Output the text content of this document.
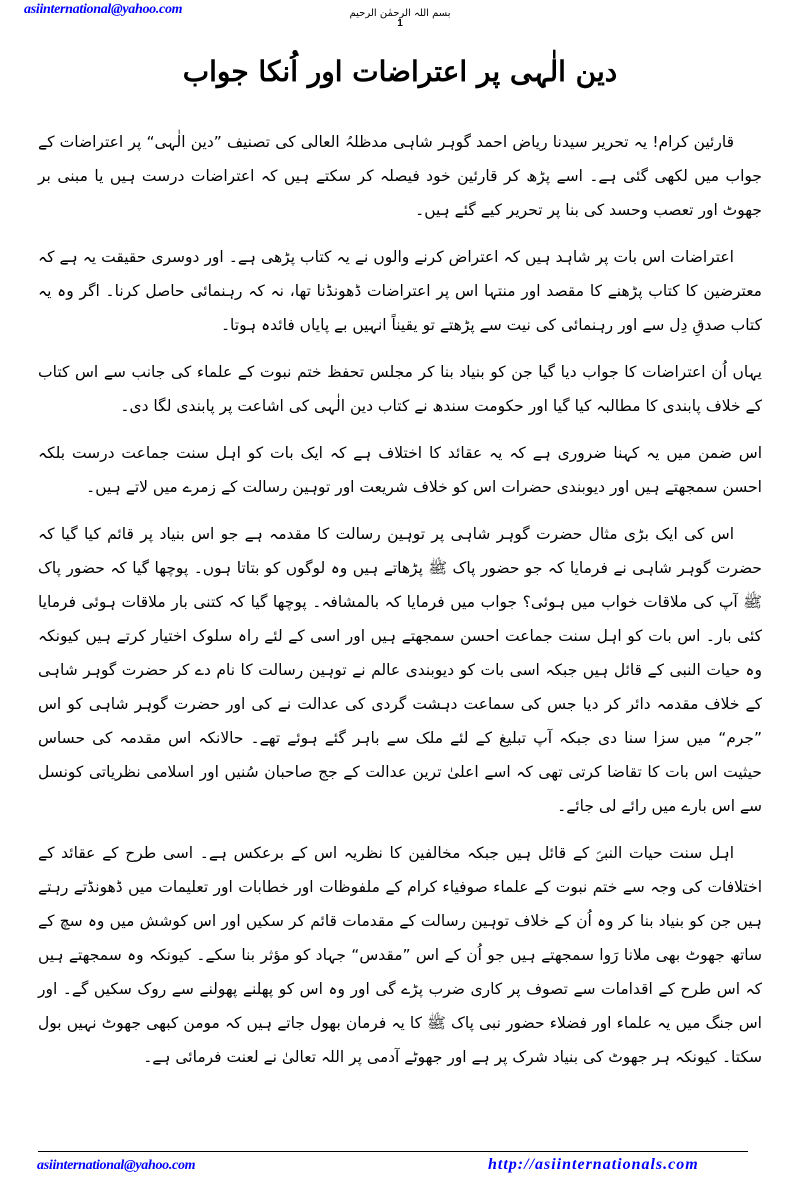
asiinternational@yahoo.com	بسم اللہ الرحمٰن الرحیم
1
دین الٰہی پر اعتراضات اور اُنکا جواب

قارئین کرام! یہ تحریر سیدنا ریاض احمد گوہر شاہی مدظلہُ العالی کی تصنیف ”دین الٰہی“ پر اعتراضات کے جواب میں لکھی گئی ہے۔ اسے پڑھ کر قارئین خود فیصلہ کر سکتے ہیں کہ اعتراضات درست ہیں یا مبنی بر جھوٹ اور تعصب وحسد کی بنا پر تحریر کیے گئے ہیں۔

اعتراضات اس بات پر شاہد ہیں کہ اعتراض کرنے والوں نے یہ کتاب پڑھی ہے۔ اور دوسری حقیقت یہ ہے کہ معترضین کا کتاب پڑھنے کا مقصد اور منتہا اس پر اعتراضات ڈھونڈنا تھا، نہ کہ رہنمائی حاصل کرنا۔ اگر وہ یہ کتاب صدقِ دِل سے اور رہنمائی کی نیت سے پڑھتے تو یقیناً انہیں بے پایاں فائدہ ہوتا۔

یہاں اُن اعتراضات کا جواب دیا گیا جن کو بنیاد بنا کر مجلس تحفظ ختم نبوت کے علماء کی جانب سے اس کتاب کے خلاف پابندی کا مطالبہ کیا گیا اور حکومت سندھ نے کتاب دین الٰہی کی اشاعت پر پابندی لگا دی۔

اس ضمن میں یہ کہنا ضروری ہے کہ یہ عقائد کا اختلاف ہے کہ ایک بات کو اہل سنت جماعت درست بلکہ احسن سمجھتے ہیں اور دیوبندی حضرات اس کو خلاف شریعت اور توہین رسالت کے زمرے میں لاتے ہیں۔

اس کی ایک بڑی مثال حضرت گوہر شاہی پر توہین رسالت کا مقدمہ ہے جو اس بنیاد پر قائم کیا گیا کہ حضرت گوہر شاہی نے فرمایا کہ جو حضور پاک ﷺ پڑھاتے ہیں وہ لوگوں کو بتاتا ہوں۔ پوچھا گیا کہ حضور پاک ﷺ آپ کی ملاقات خواب میں ہوئی؟ جواب میں فرمایا کہ بالمشافہ۔ پوچھا گیا کہ کتنی بار ملاقات ہوئی فرمایا کئی بار۔ اس بات کو اہل سنت جماعت احسن سمجھتے ہیں اور اسی کے لئے راہ سلوک اختیار کرتے ہیں کیونکہ وہ حیات النبی کے قائل ہیں جبکہ اسی بات کو دیوبندی عالم نے توہین رسالت کا نام دے کر حضرت گوہر شاہی کے خلاف مقدمہ دائر کر دیا جس کی سماعت دہشت گردی کی عدالت نے کی اور حضرت گوہر شاہی کو اس ”جرم“ میں سزا سنا دی جبکہ آپ تبلیغ کے لئے ملک سے باہر گئے ہوئے تھے۔ حالانکہ اس مقدمہ کی حساس حیثیت اس بات کا تقاضا کرتی تھی کہ اسے اعلیٰ ترین عدالت کے جج صاحبان سُنیں اور اسلامی نظریاتی کونسل سے اس بارے میں رائے لی جائے۔

اہل سنت حیات النبیؐ کے قائل ہیں جبکہ مخالفین کا نظریہ اس کے برعکس ہے۔ اسی طرح کے عقائد کے اختلافات کی وجہ سے ختم نبوت کے علماء صوفیاء کرام کے ملفوظات اور خطابات اور تعلیمات میں ڈھونڈتے رہتے ہیں جن کو بنیاد بنا کر وہ اُن کے خلاف توہین رسالت کے مقدمات قائم کر سکیں اور اس کوشش میں وہ سچ کے ساتھ جھوٹ بھی ملانا رَوا سمجھتے ہیں جو اُن کے اس ”مقدس“ جہاد کو مؤثر بنا سکے۔ کیونکہ وہ سمجھتے ہیں کہ اس طرح کے اقدامات سے تصوف پر کاری ضرب پڑے گی اور وہ اس کو پھلنے پھولنے سے روک سکیں گے۔ اور اس جنگ میں یہ علماء اور فضلاء حضور نبی پاک ﷺ کا یہ فرمان بھول جاتے ہیں کہ مومن کبھی جھوٹ نہیں بول سکتا۔ کیونکہ ہر جھوٹ کی بنیاد شرک پر ہے اور جھوٹے آدمی پر اللہ تعالیٰ نے لعنت فرمائی ہے۔

asiinternational@yahoo.com	http://asiinternationals.com
